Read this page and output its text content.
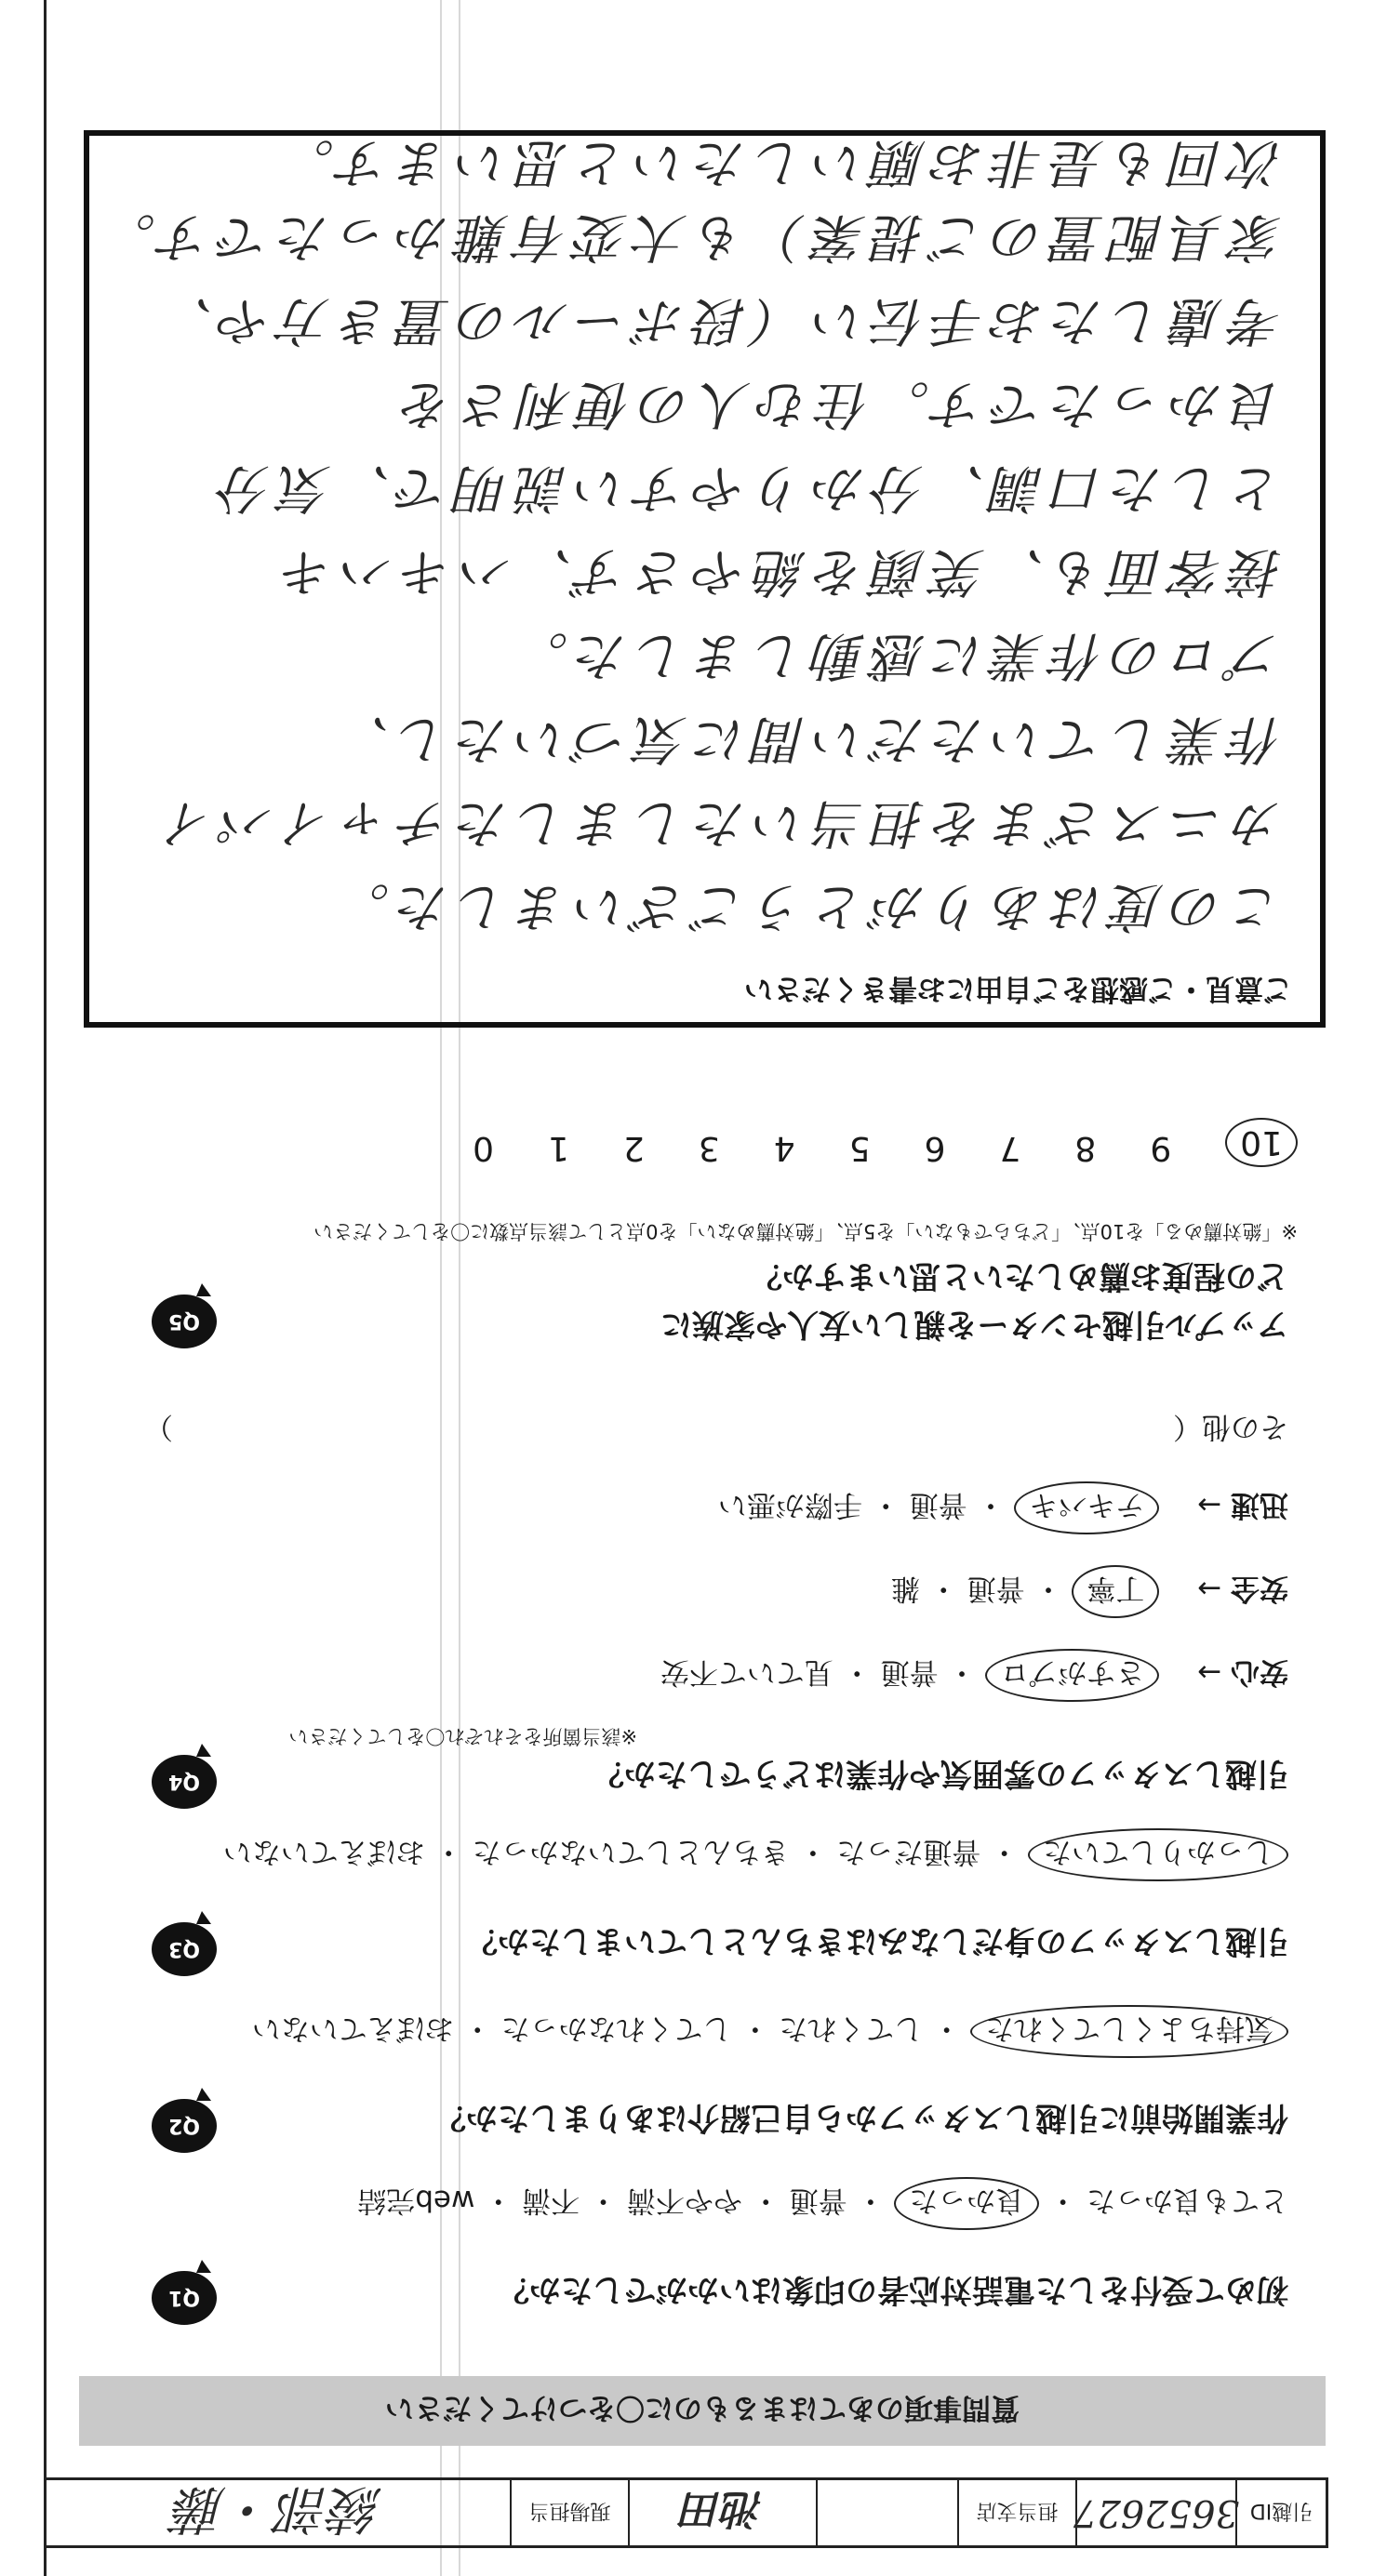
引越ID
3652627
担当支店
池田
現場担当
綾部・藤
質問事項のあてはまるものに〇をつけてください
Q1	初めて受付をした電話対応者の印象はいかがでしたか？
とても良かった ・ 良かった ・ 普通 ・ やや不満 ・ 不満 ・ web完結
Q2	作業開始前に引越しスタッフから自己紹介はありましたか？
気持ちよくしてくれた ・ してくれた ・ してくれなかった ・ おぼえていない
Q3	引越しスタッフの身だしなみはきちんとしていましたか？
しっかりしていた ・ 普通だった ・ きちんとしていなかった ・ おぼえていない
Q4	引越しスタッフの雰囲気や作業はどうでしたか？
※該当箇所をそれぞれ〇をしてください
安心 →　 さすがプロ ・ 普通 ・ 見ていて不安
安全 →　 丁寧 ・ 普通 ・ 雑
迅速 →　 テキパキ ・ 普通 ・ 手際が悪い
その他（
）
Q5	アップル引越センターを親しい友人や家族に
どの程度お薦めしたいと思いますか？
※「絶対薦める」を10点、「どちらでもない」を5点、「絶対薦めない」を0点として該当点数に〇をしてください
10
9
8
7
6
5
4
3
2
1
0
ご意見・ご感想をご自由にお書きください
この度はありがとうございました。
カニスざまを担当いたしましたチャイパイ
作業していただい間に気づいたし、
プロの作業に感動しました。
接客面も、笑顔を絶やさず、ハキハキ
とした口調、分かりやすい説明で、気分
良かったです。住む人の便利さを
考慮したお手伝い（段ボールの置き方や、
家具配置のご提案）も大変有難かったです。
次回も是非お願いしたいと思います。
